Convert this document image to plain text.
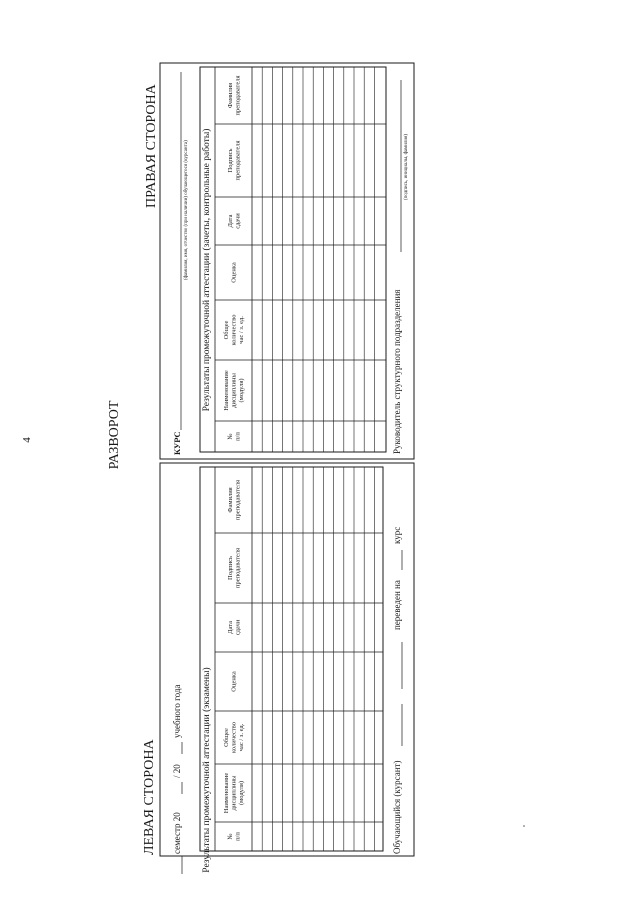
4	РАЗВОРОТ
ЛЕВАЯ СТОРОНА
ПРАВАЯ СТОРОНА
семестр 20
/ 20
учебного года Результаты промежуточной аттестации (экзамены) №п/п
Наименованиедисциплины(модуля)
Общееколичествочас / з. ед.
Оценка
Датасдачи
Подписьпреподавателя
Фамилияпреподавателя
Обучающийся (курсант)
переведен на
курс
КУРС
(фамилия, имя, отчество (при наличии) обучающегося (курсанта) Результаты промежуточной аттестации (зачеты, контрольные работы)
№п/п
Наименованиедисциплины(модуля)
Общееколичествочас / з. ед.
Оценка
Датасдачи
Подписьпреподавателя
Фамилияпреподавателя
Руководитель структурного подразделения
(подпись, инициалы, фамилия)
